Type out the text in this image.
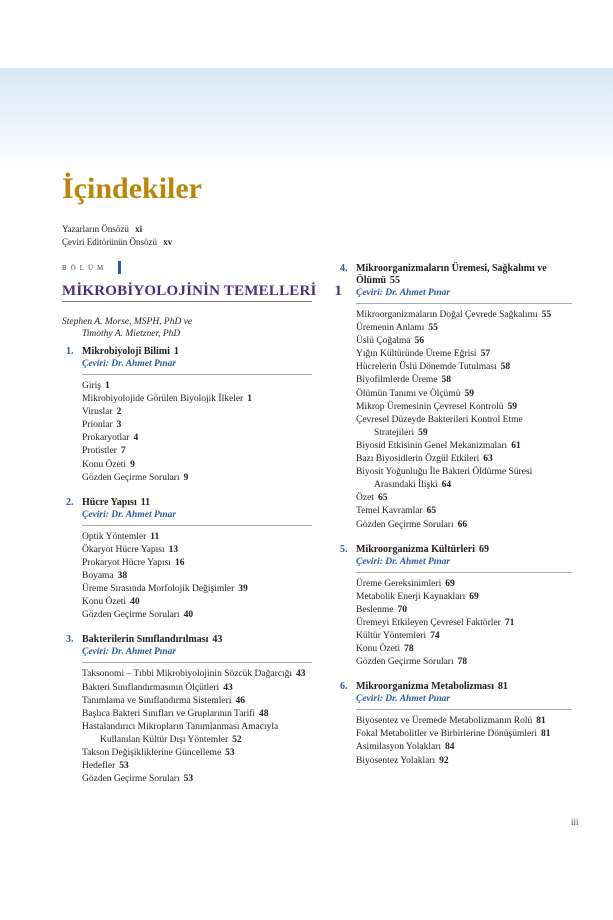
İçindekiler
Yazarların Önsözü xi
Çeviri Editörünün Önsözü xv
BÖLÜM
MİKROBİYOLOJİNİN TEMELLERİ 1
Stephen A. Morse, MSPH, PhD ve
Timothy A. Mietzner, PhD
1. Mikrobiyoloji Bilimi 1
Çeviri: Dr. Ahmet Pınar
Giriş 1
Mikrobiyolojide Görülen Biyolojik İlkeler 1
Viruslar 2
Prionlar 3
Prokaryotlar 4
Protistler 7
Konu Özeti 9
Gözden Geçirme Soruları 9
2. Hücre Yapısı 11
Çeviri: Dr. Ahmet Pınar
Optik Yöntemler 11
Ökaryot Hücre Yapısı 13
Prokaryot Hücre Yapısı 16
Boyama 38
Üreme Sırasında Morfolojik Değişimler 39
Konu Özeti 40
Gözden Geçirme Soruları 40
3. Bakterilerin Sınıflandırılması 43
Çeviri: Dr. Ahmet Pınar
Taksonomi – Tıbbi Mikrobiyolojinin Sözcük Dağarcığı 43
Bakteri Sınıflandırmasının Ölçütleri 43
Tanımlama ve Sınıflandırma Sistemleri 46
Başlıca Bakteri Sınıfları ve Gruplarının Tarifi 48
Hastalandırıcı Mikropların Tanımlanması Amacıyla Kullanılan Kültür Dışı Yöntemler 52
Takson Değişikliklerine Güncelleme 53
Hedefler 53
Gözden Geçirme Soruları 53
4. Mikroorganizmaların Üremesi, Sağkalımı ve Ölümü 55
Çeviri: Dr. Ahmet Pınar
Mikroorganizmaların Doğal Çevrede Sağkalımı 55
Üremenin Anlamı 55
Üslü Çoğalma 56
Yığın Kültüründe Üreme Eğrisi 57
Hücrelerin Üslü Dönemde Tutulması 58
Biyofilmlerde Üreme 58
Ölümün Tanımı ve Ölçümü 59
Mikrop Üremesinin Çevresel Kontrolü 59
Çevresel Düzeyde Bakterileri Kontrol Etme Stratejileri 59
Biyosid Etkisinin Genel Mekanizmaları 61
Bazı Biyosidlerin Özgül Etkileri 63
Biyosit Yoğunluğu İle Bakteri Öldürme Süresi Arasındaki İlişki 64
Özet 65
Temel Kavramlar 65
Gözden Geçirme Soruları 66
5. Mikroorganizma Kültürleri 69
Çeviri: Dr. Ahmet Pınar
Üreme Gereksinimleri 69
Metabolik Enerji Kaynakları 69
Beslenme 70
Üremeyi Etkileyen Çevresel Faktörler 71
Kültür Yöntemleri 74
Konu Özeti 78
Gözden Geçirme Soruları 78
6. Mikroorganizma Metabolizması 81
Çeviri: Dr. Ahmet Pınar
Biyosentez ve Üremede Metabolizmanın Rolü 81
Fokal Metabolitler ve Birbirlerine Dönüşümleri 81
Asimilasyon Yolakları 84
Biyosentez Yolakları 92
iii
